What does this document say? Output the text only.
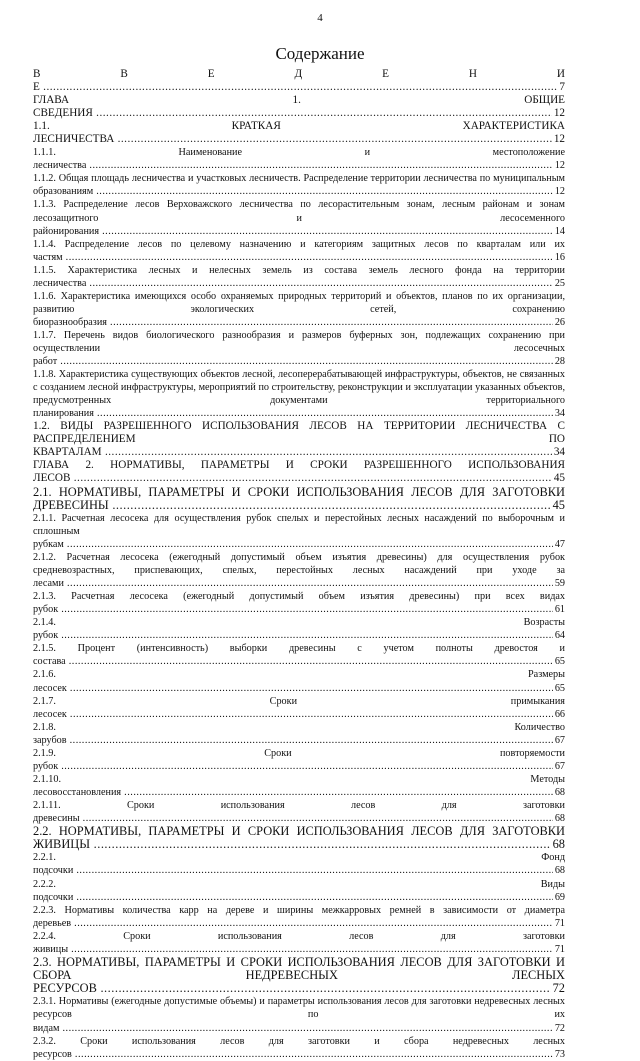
4
Содержание
В В Е Д Е Н И Е .....	7
ГЛАВА 1. ОБЩИЕ СВЕДЕНИЯ .....	12
1.1. КРАТКАЯ ХАРАКТЕРИСТИКА ЛЕСНИЧЕСТВА .....	12
1.1.1. Наименование и местоположение лесничества .....	12
1.1.2. Общая площадь лесничества и участковых лесничеств. Распределение территории лесничества по муниципальным образованиям .....	12
1.1.3. Распределение лесов Верховажского лесничества по лесорастительным зонам, лесным районам и зонам лесозащитного и лесосеменного районирования .....	14
1.1.4. Распределение лесов по целевому назначению и категориям защитных лесов по кварталам или их частям .....	16
1.1.5. Характеристика лесных и нелесных земель из состава земель лесного фонда на территории лесничества .....	25
1.1.6. Характеристика имеющихся особо охраняемых природных территорий и объектов, планов по их организации, развитию экологических сетей, сохранению биоразнообразия .....	26
1.1.7. Перечень видов биологического разнообразия и размеров буферных зон, подлежащих сохранению при осуществлении лесосечных работ .....	28
1.1.8. Характеристика существующих объектов лесной, лесоперерабатывающей инфраструктуры, объектов, не связанных с созданием лесной инфраструктуры, мероприятий по строительству, реконструкции и эксплуатации указанных объектов, предусмотренных документами территориального планирования .....	34
1.2. ВИДЫ РАЗРЕШЕННОГО ИСПОЛЬЗОВАНИЯ ЛЕСОВ НА ТЕРРИТОРИИ ЛЕСНИЧЕСТВА С РАСПРЕДЕЛЕНИЕМ ПО КВАРТАЛАМ .....	34
ГЛАВА 2. НОРМАТИВЫ, ПАРАМЕТРЫ И СРОКИ РАЗРЕШЕННОГО ИСПОЛЬЗОВАНИЯ ЛЕСОВ .....	45
2.1. НОРМАТИВЫ, ПАРАМЕТРЫ И СРОКИ ИСПОЛЬЗОВАНИЯ ЛЕСОВ ДЛЯ ЗАГОТОВКИ ДРЕВЕСИНЫ .....	45
2.1.1. Расчетная лесосека для осуществления рубок спелых и перестойных лесных насаждений по выборочным и сплошным рубкам .....	47
2.1.2. Расчетная лесосека (ежегодный допустимый объем изъятия древесины) для осуществления рубок средневозрастных, приспевающих, спелых, перестойных лесных насаждений при уходе за лесами .....	59
2.1.3. Расчетная лесосека (ежегодный допустимый объем изъятия древесины) при всех видах рубок .....	61
2.1.4. Возрасты рубок .....	64
2.1.5. Процент (интенсивность) выборки древесины с учетом полноты древостоя и состава .....	65
2.1.6. Размеры лесосек .....	65
2.1.7. Сроки примыкания лесосек .....	66
2.1.8. Количество зарубов .....	67
2.1.9. Сроки повторяемости рубок .....	67
2.1.10. Методы лесовосстановления .....	68
2.1.11. Сроки использования лесов для заготовки древесины .....	68
2.2. НОРМАТИВЫ, ПАРАМЕТРЫ И СРОКИ ИСПОЛЬЗОВАНИЯ ЛЕСОВ ДЛЯ ЗАГОТОВКИ ЖИВИЦЫ .....	68
2.2.1. Фонд подсочки .....	68
2.2.2. Виды подсочки .....	69
2.2.3. Нормативы количества карр на дереве и ширины межкарровых ремней в зависимости от диаметра деревьев .....	71
2.2.4. Сроки использования лесов для заготовки живицы .....	71
2.3. НОРМАТИВЫ, ПАРАМЕТРЫ И СРОКИ ИСПОЛЬЗОВАНИЯ ЛЕСОВ ДЛЯ ЗАГОТОВКИ И СБОРА НЕДРЕВЕСНЫХ ЛЕСНЫХ РЕСУРСОВ .....	72
2.3.1. Нормативы (ежегодные допустимые объемы) и параметры использования лесов для заготовки недревесных лесных ресурсов по их видам .....	72
2.3.2. Сроки использования лесов для заготовки и сбора недревесных лесных ресурсов .....	73
